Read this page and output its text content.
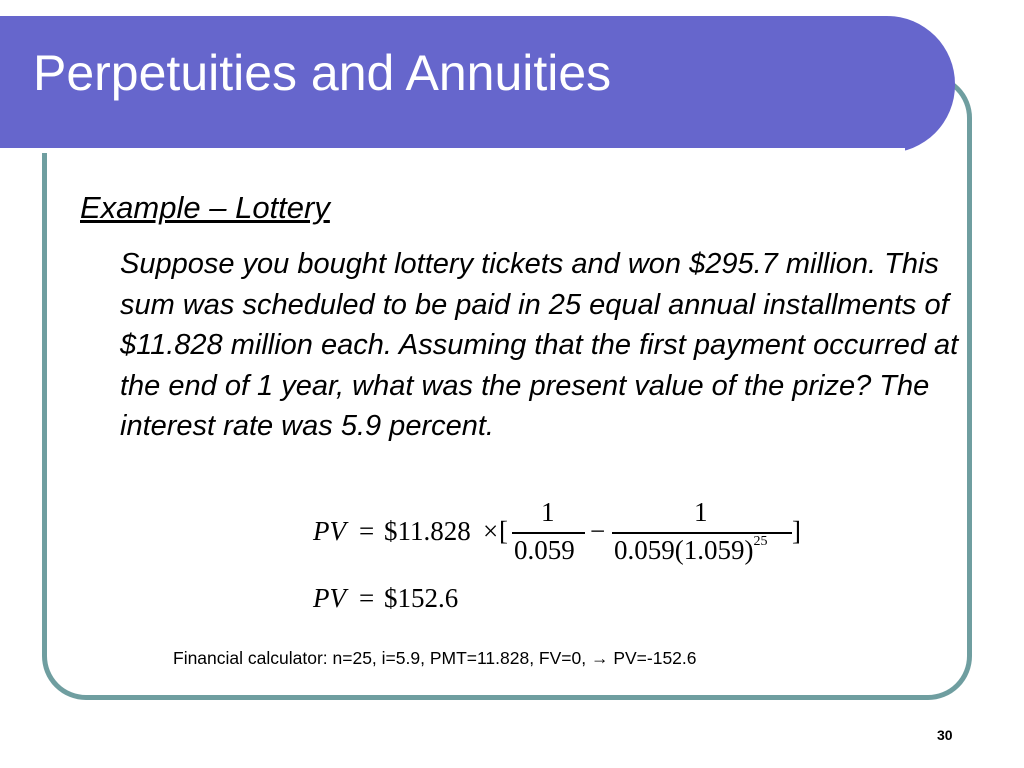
Perpetuities and Annuities
Example – Lottery
Suppose you bought lottery tickets and won $295.7 million. This sum was scheduled to be paid in 25 equal annual installments of $11.828 million each. Assuming that the first payment occurred at the end of 1 year, what was the present value of the prize? The interest rate was 5.9 percent.
PV = $11.828 × [
1
0.059
−
1
$0.059(1.059)^{25}$ ]
PV = $152.6
Financial calculator: n=25, i=5.9, PMT=11.828, FV=0, → PV=-152.6
30
